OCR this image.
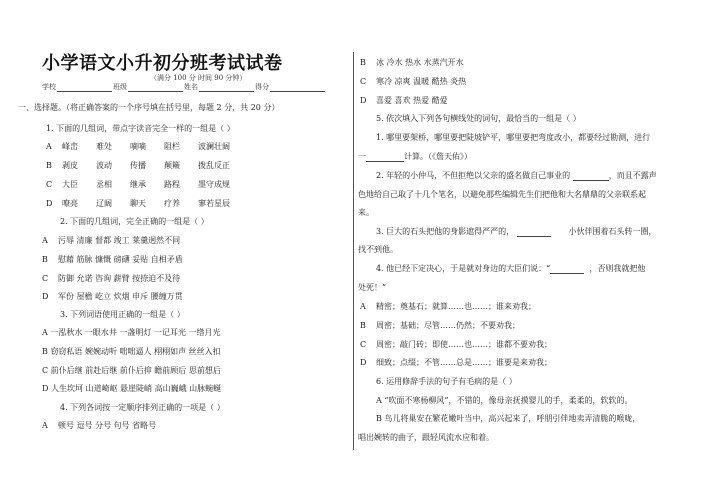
小学语文小升初分班考试试卷
（满分 100 分 时间 90 分钟）
学校	班级	姓名	得分
一、选择题。（将正确答案的一个序号填在括号里，每题 2 分，共 20 分）
1. 下面的几组词，带点字读音完全一样的一组是（ ）
A 峰峦 难处 嘀嘀 阻栏 波澜壮阔
B 剥皮 波动 传播 颠簸 拨乱反正
C 大臣 丞相 继承 路程 墨守成规
D 嘹亮 辽阔 聊天 疗养 寥若星辰
2. 下面的几组词，完全正确的一组是（ ）
A 污辱 清廉 督都 竣工 莱羹迥然不同
B 慰藉 筋脉 慷慨 磅礴 妥贴 自相矛盾
C 防御 允诺 咨询 薪臂 按捺迫不及待
D 军份 屋檐 屹立 炊烟 申斥 腰缠万贯
3. 下列词语使用正确的一组是（ ）
A 一泓秋水 一眼水井 一盏明灯 一记耳光 一绺月光
B 窃窃私语 婉婉动听 咄咄逼人 栩栩如声 丝丝入扣
C 前仆后继 前赴后继 前仆后抑 瞻前顾后 思前想后
D 人生坎坷 山道崎岖 悬崖陡峭 高山巍峨 山脉蜿蜒
4. 下列各词按一定顺序排列正确的一项是（ ）
A 顿号 逗号 分号 句号 省略号
B 冰 冷水 热水 水蒸汽开水
C 寒冷 凉爽 温暖 酷热 炎热
D 喜爱 喜欢 热爱 酷爱
5. 依次填入下列各句横线处的词句，最恰当的一组是（ ）
1. 哪里要架桥，哪里要把陡坡铲平，哪里要把弯度改小，都要经过勘测，进行
一	计算。（《詹天佑》）
2. 年轻的小仲马，不但拒绝以父亲的盛名做自己事业的	，而且不露声
色地给自己取了十几个笔名，以避免那些编辑先生们把他和大名鼎鼎的父亲联系起
来。
3. 巨大的石头把他的身影遮得严严的，	小伙伴围着石头转一圈，
找不到他。
4. 他已经下定决心，于是就对身边的大臣们说：“	，否则我就把他
处死！”
A 精密；奠基石；就算……也……；谁来劝我；
B 周密；基础；尽管……仍然；不要劝我；
C 周密；敲门砖；即使……也……；谁都不要劝我；
D 细致；点缀；不管……总是……；谁要是来劝我；
6. 运用修辞手法的句子有毛病的是（ ）
A “吹面不寒杨柳风”，不错的，像母亲抚摸婴儿的手，柔柔的，软软的。
B 鸟儿将巢安在繁花嫩叶当中，高兴起来了，呼朋引伴地卖弄清脆的喉咙，
唱出婉转的曲子，跟轻风流水应和着。
